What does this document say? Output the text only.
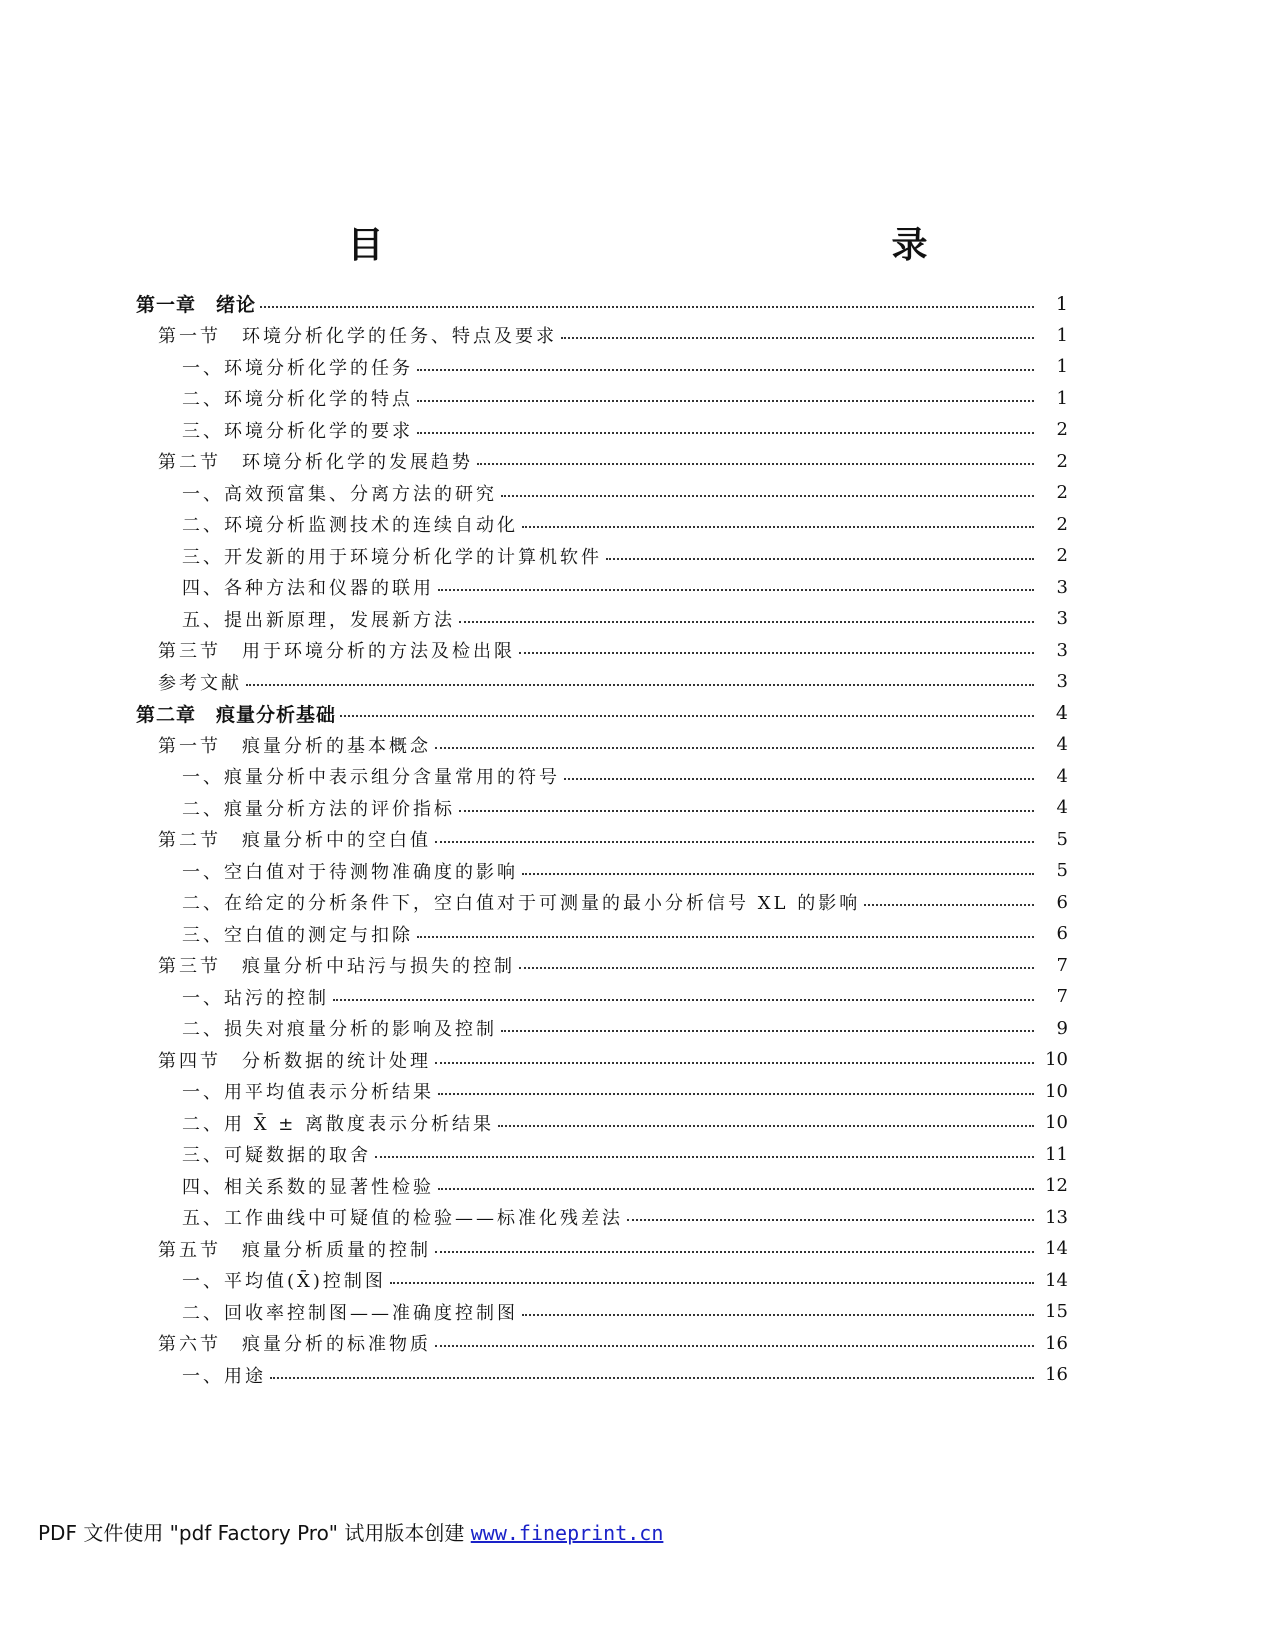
目　　　录
第一章　绪论	1
第一节　环境分析化学的任务、特点及要求	1
一、环境分析化学的任务	1
二、环境分析化学的特点	1
三、环境分析化学的要求	2
第二节　环境分析化学的发展趋势	2
一、高效预富集、分离方法的研究	2
二、环境分析监测技术的连续自动化	2
三、开发新的用于环境分析化学的计算机软件	2
四、各种方法和仪器的联用	3
五、提出新原理，发展新方法	3
第三节　用于环境分析的方法及检出限	3
参考文献	3
第二章　痕量分析基础	4
第一节　痕量分析的基本概念	4
一、痕量分析中表示组分含量常用的符号	4
二、痕量分析方法的评价指标	4
第二节　痕量分析中的空白值	5
一、空白值对于待测物准确度的影响	5
二、在给定的分析条件下，空白值对于可测量的最小分析信号 XL 的影响	6
三、空白值的测定与扣除	6
第三节　痕量分析中玷污与损失的控制	7
一、玷污的控制	7
二、损失对痕量分析的影响及控制	9
第四节　分析数据的统计处理	10
一、用平均值表示分析结果	10
二、用 X̄ ± 离散度表示分析结果	10
三、可疑数据的取舍	11
四、相关系数的显著性检验	12
五、工作曲线中可疑值的检验——标准化残差法	13
第五节　痕量分析质量的控制	14
一、平均值(X̄)控制图	14
二、回收率控制图——准确度控制图	15
第六节　痕量分析的标准物质	16
一、用途	16
PDF 文件使用 "pdf Factory Pro" 试用版本创建 www.fineprint.cn
